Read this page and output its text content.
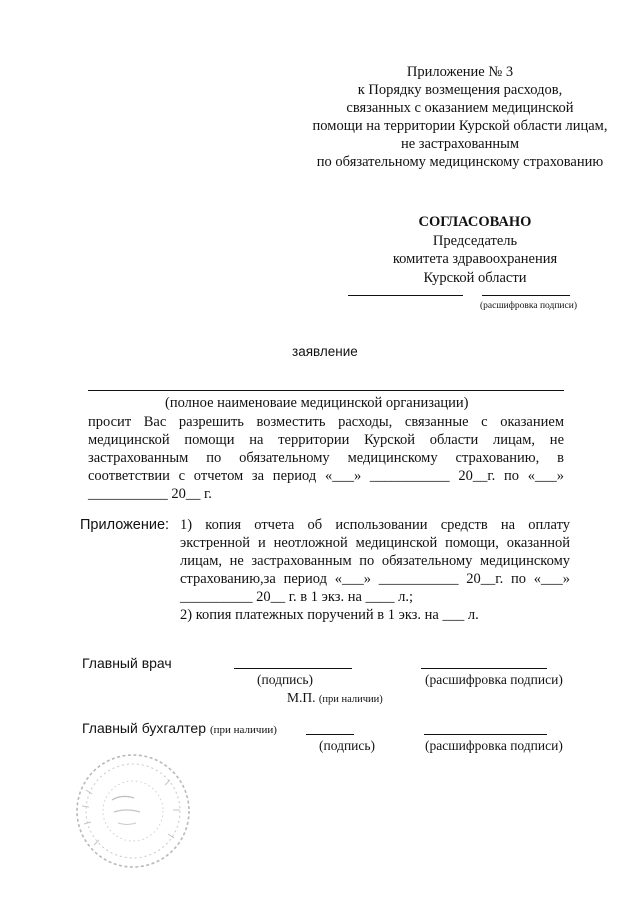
Приложение № 3
к Порядку возмещения расходов,
связанных с оказанием медицинской
помощи на территории Курской области лицам,
не застрахованным
по обязательному медицинскому страхованию
СОГЛАСОВАНО
Председатель
комитета здравоохранения
Курской области
(расшифровка подписи)
заявление
(полное наименоваие медицинской организации)
просит Вас разрешить возместить расходы, связанные с оказанием
медицинской помощи на территории Курской области лицам, не
застрахованным по обязательному медицинскому страхованию, в
соответствии с отчетом за период «___» ___________ 20__г. по «___»
___________ 20__ г.
Приложение: 1) копия отчета об использовании средств на оплату
экстренной и неотложной медицинской помощи, оказанной
лицам, не застрахованным по обязательному медицинскому
страхованию,за период «___» ___________ 20__г. по «___»
__________ 20__ г. в 1 экз. на ____ л.;
2) копия платежных поручений в 1 экз. на ___ л.
Главный врач
(подпись)	(расшифровка подписи)
М.П. (при наличии)
Главный бухгалтер (при наличии)
(подпись)	(расшифровка подписи)
